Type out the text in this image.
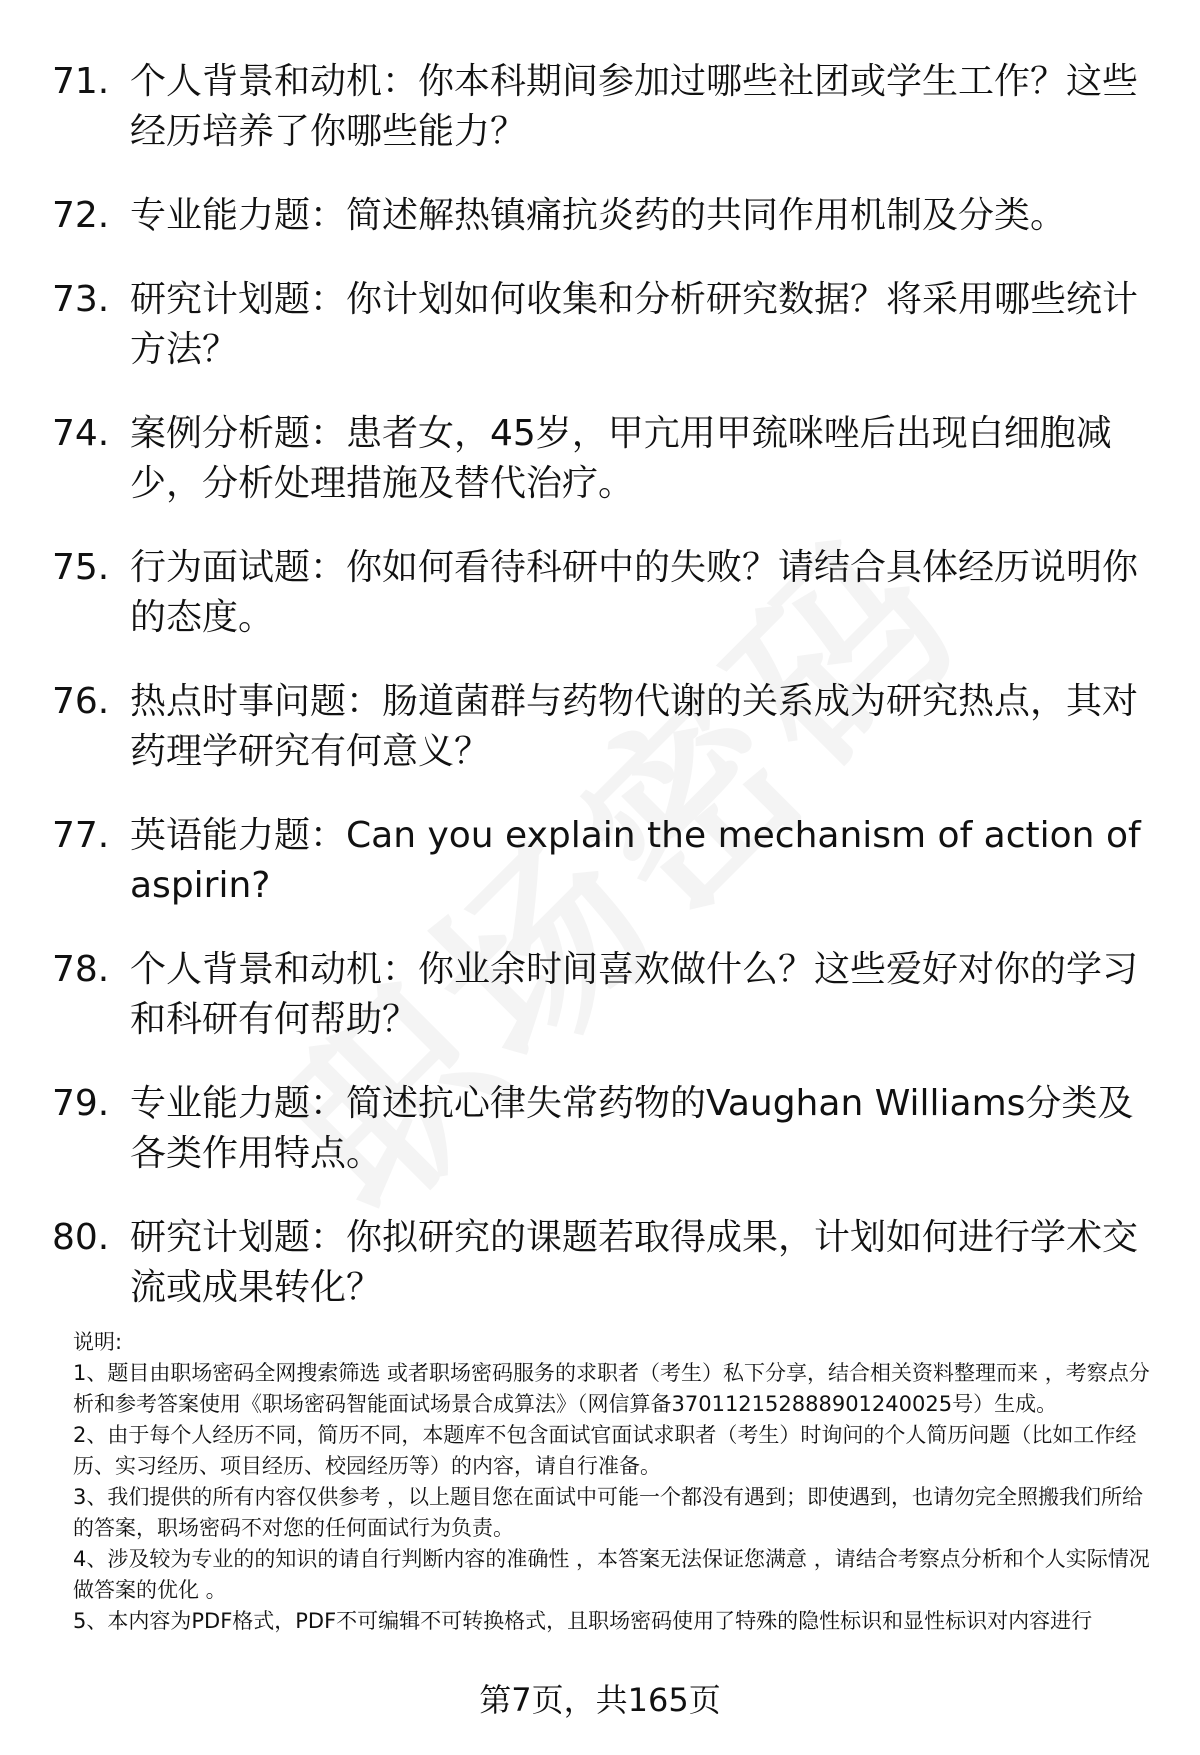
71. 个人背景和动机：你本科期间参加过哪些社团或学生工作？这些经历培养了你哪些能力？
72. 专业能力题：简述解热镇痛抗炎药的共同作用机制及分类。
73. 研究计划题：你计划如何收集和分析研究数据？将采用哪些统计方法？
74. 案例分析题：患者女，45岁，甲亢用甲巯咪唑后出现白细胞减少，分析处理措施及替代治疗。
75. 行为面试题：你如何看待科研中的失败？请结合具体经历说明你的态度。
76. 热点时事问题：肠道菌群与药物代谢的关系成为研究热点，其对药理学研究有何意义？
77. 英语能力题：Can you explain the mechanism of action of aspirin?
78. 个人背景和动机：你业余时间喜欢做什么？这些爱好对你的学习和科研有何帮助？
79. 专业能力题：简述抗心律失常药物的Vaughan Williams分类及各类作用特点。
80. 研究计划题：你拟研究的课题若取得成果，计划如何进行学术交流或成果转化？

说明:

1、题目由职场密码全网搜索筛选 或者职场密码服务的求职者（考生）私下分享，结合相关资料整理而来 ，考察点分析和参考答案使用《职场密码智能面试场景合成算法》（网信算备370112152888901240025号）生成。

2、由于每个人经历不同，简历不同，本题库不包含面试官面试求职者（考生）时询问的个人简历问题（比如工作经历、实习经历、项目经历、校园经历等）的内容，请自行准备。

3、我们提供的所有内容仅供参考 ，以上题目您在面试中可能一个都没有遇到；即使遇到，也请勿完全照搬我们所给的答案，职场密码不对您的任何面试行为负责。

4、涉及较为专业的的知识的请自行判断内容的准确性 ，本答案无法保证您满意 ，请结合考察点分析和个人实际情况做答案的优化 。

5、本内容为PDF格式，PDF不可编辑不可转换格式，且职场密码使用了特殊的隐性标识和显性标识对内容进行

第7页，共165页
